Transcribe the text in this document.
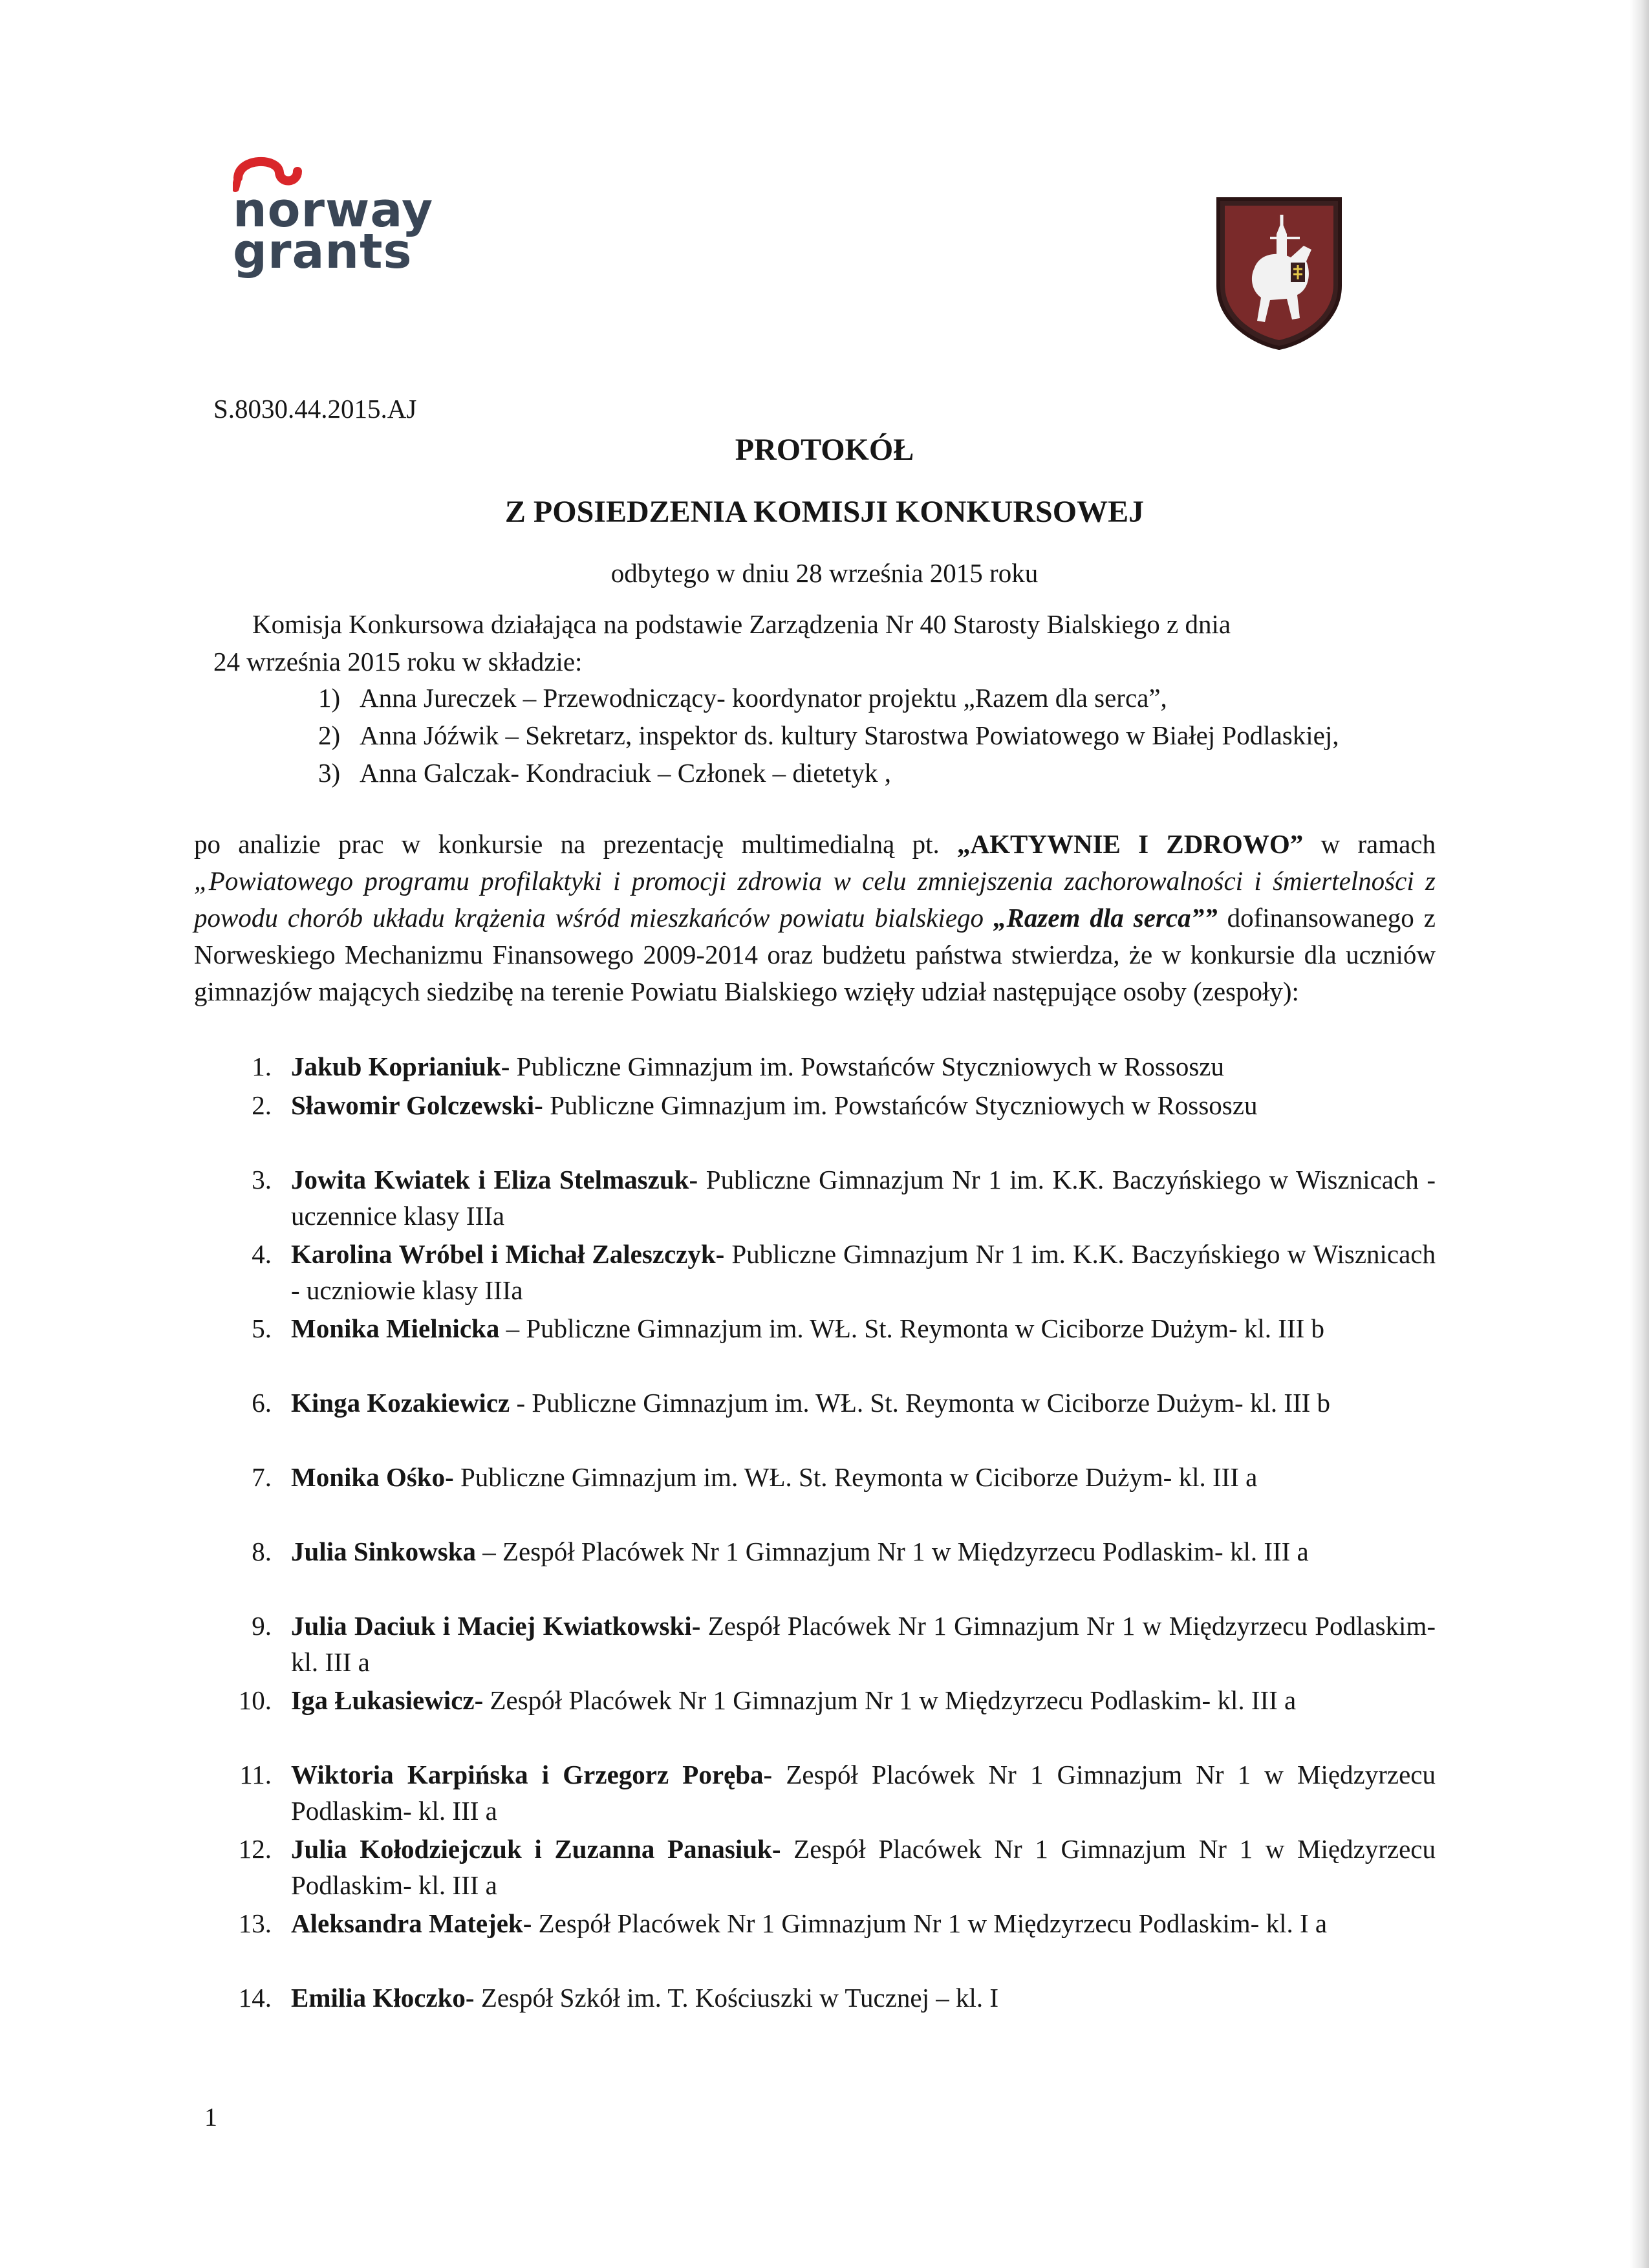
norway
grants
S.8030.44.2015.AJ
PROTOKÓŁ
Z POSIEDZENIA KOMISJI KONKURSOWEJ
odbytego w dniu 28 września 2015 roku
Komisja Konkursowa działająca na podstawie Zarządzenia Nr 40 Starosty Bialskiego z dnia
24 września 2015 roku w składzie:
1) Anna Jureczek – Przewodniczący- koordynator projektu „Razem dla serca”,
2) Anna Jóźwik – Sekretarz, inspektor ds. kultury Starostwa Powiatowego w Białej Podlaskiej,
3) Anna Galczak- Kondraciuk – Członek – dietetyk ,
po analizie prac w konkursie na prezentację multimedialną pt. „AKTYWNIE I ZDROWO” w ramach „Powiatowego programu profilaktyki i promocji zdrowia w celu zmniejszenia zachorowalności i śmiertelności z powodu chorób układu krążenia wśród mieszkańców powiatu bialskiego „Razem dla serca”” dofinansowanego z Norweskiego Mechanizmu Finansowego 2009-2014 oraz budżetu państwa stwierdza, że w konkursie dla uczniów gimnazjów mających siedzibę na terenie Powiatu Bialskiego wzięły udział następujące osoby (zespoły):
1. Jakub Koprianiuk- Publiczne Gimnazjum im. Powstańców Styczniowych w Rossoszu
2. Sławomir Golczewski- Publiczne Gimnazjum im. Powstańców Styczniowych w Rossoszu
3. Jowita Kwiatek i Eliza Stelmaszuk- Publiczne Gimnazjum Nr 1 im. K.K. Baczyńskiego w Wisznicach - uczennice klasy IIIa
4. Karolina Wróbel i Michał Zaleszczyk- Publiczne Gimnazjum Nr 1 im. K.K. Baczyńskiego w Wisznicach - uczniowie klasy IIIa
5. Monika Mielnicka – Publiczne Gimnazjum im. WŁ. St. Reymonta w Ciciborze Dużym- kl. III b
6. Kinga Kozakiewicz - Publiczne Gimnazjum im. WŁ. St. Reymonta w Ciciborze Dużym- kl. III b
7. Monika Ośko- Publiczne Gimnazjum im. WŁ. St. Reymonta w Ciciborze Dużym- kl. III a
8. Julia Sinkowska – Zespół Placówek Nr 1 Gimnazjum Nr 1 w Międzyrzecu Podlaskim- kl. III a
9. Julia Daciuk i Maciej Kwiatkowski- Zespół Placówek Nr 1 Gimnazjum Nr 1 w Międzyrzecu Podlaskim- kl. III a
10. Iga Łukasiewicz- Zespół Placówek Nr 1 Gimnazjum Nr 1 w Międzyrzecu Podlaskim- kl. III a
11. Wiktoria Karpińska i Grzegorz Poręba- Zespół Placówek Nr 1 Gimnazjum Nr 1 w Międzyrzecu Podlaskim- kl. III a
12. Julia Kołodziejczuk i Zuzanna Panasiuk- Zespół Placówek Nr 1 Gimnazjum Nr 1 w Międzyrzecu Podlaskim- kl. III a
13. Aleksandra Matejek- Zespół Placówek Nr 1 Gimnazjum Nr 1 w Międzyrzecu Podlaskim- kl. I a
14. Emilia Kłoczko- Zespół Szkół im. T. Kościuszki w Tucznej – kl. I
1
